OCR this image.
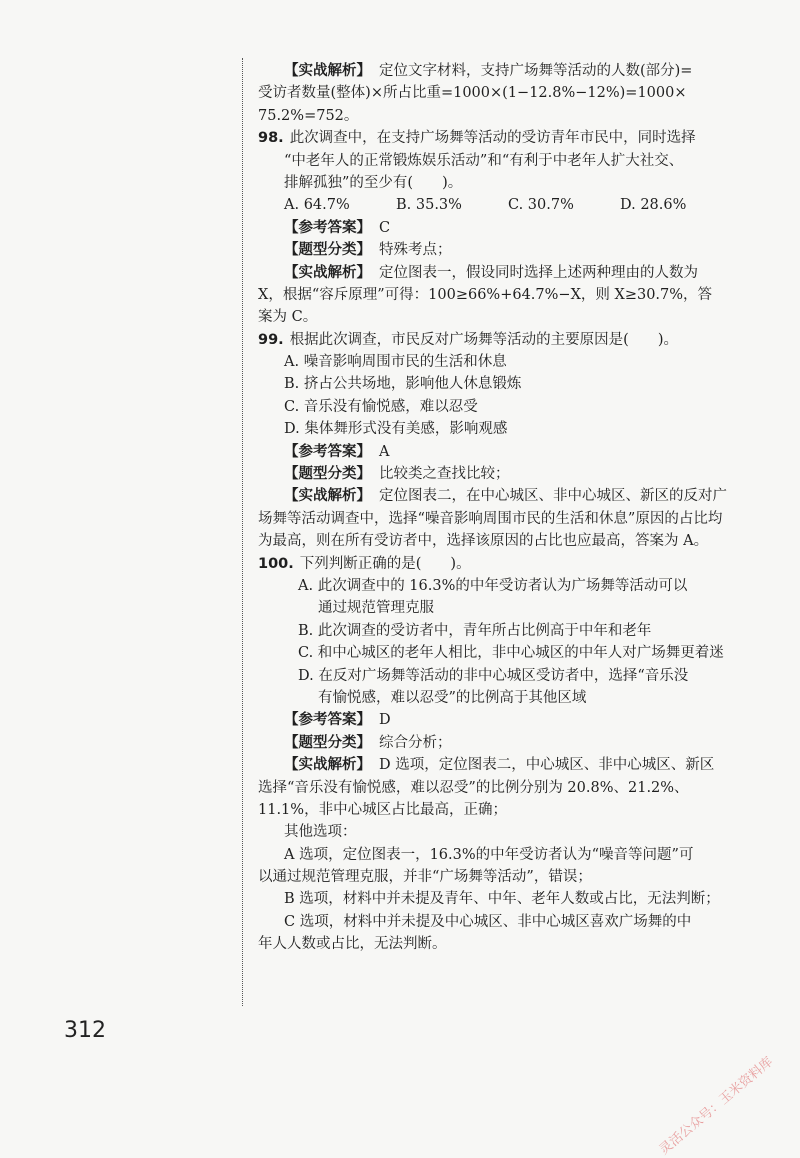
【实战解析】 定位文字材料，支持广场舞等活动的人数(部分)=
受访者数量(整体)×所占比重=1000×(1−12.8%−12%)=1000×
75.2%=752。
98. 此次调查中，在支持广场舞等活动的受访青年市民中，同时选择
“中老年人的正常锻炼娱乐活动”和“有利于中老年人扩大社交、
排解孤独”的至少有(　　)。
A. 64.7%	B. 35.3%	C. 30.7%	D. 28.6%
【参考答案】 C
【题型分类】 特殊考点；
【实战解析】 定位图表一，假设同时选择上述两种理由的人数为
X，根据“容斥原理”可得：100≥66%+64.7%−X，则 X≥30.7%，答
案为 C。
99. 根据此次调查，市民反对广场舞等活动的主要原因是(　　)。
A. 噪音影响周围市民的生活和休息
B. 挤占公共场地，影响他人休息锻炼
C. 音乐没有愉悦感，难以忍受
D. 集体舞形式没有美感，影响观感
【参考答案】 A
【题型分类】 比较类之查找比较；
【实战解析】 定位图表二，在中心城区、非中心城区、新区的反对广
场舞等活动调查中，选择“噪音影响周围市民的生活和休息”原因的占比均
为最高，则在所有受访者中，选择该原因的占比也应最高，答案为 A。
100. 下列判断正确的是(　　)。
A. 此次调查中的 16.3%的中年受访者认为广场舞等活动可以
通过规范管理克服
B. 此次调查的受访者中，青年所占比例高于中年和老年
C. 和中心城区的老年人相比，非中心城区的中年人对广场舞更着迷
D. 在反对广场舞等活动的非中心城区受访者中，选择“音乐没
有愉悦感，难以忍受”的比例高于其他区域
【参考答案】 D
【题型分类】 综合分析；
【实战解析】 D 选项，定位图表二，中心城区、非中心城区、新区
选择“音乐没有愉悦感，难以忍受”的比例分别为 20.8%、21.2%、
11.1%，非中心城区占比最高，正确；
其他选项：
A 选项，定位图表一，16.3%的中年受访者认为“噪音等问题”可
以通过规范管理克服，并非“广场舞等活动”，错误；
B 选项，材料中并未提及青年、中年、老年人数或占比，无法判断；
C 选项，材料中并未提及中心城区、非中心城区喜欢广场舞的中
年人人数或占比，无法判断。
312
灵活公众号：玉米资料库
